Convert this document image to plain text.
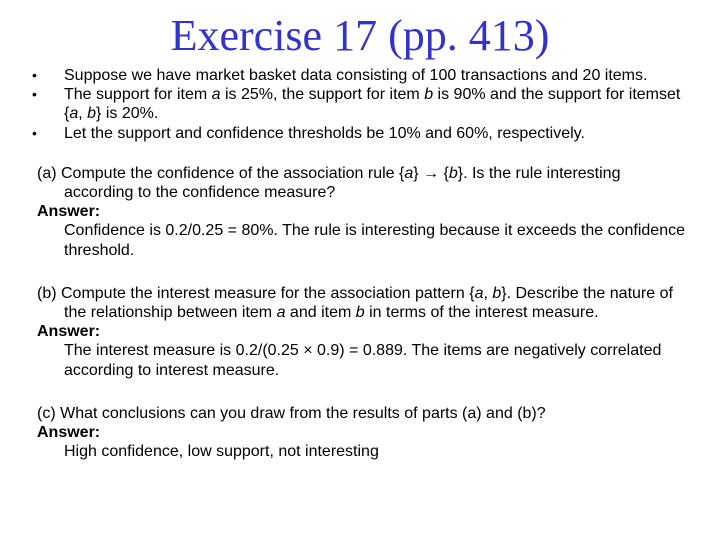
Exercise 17 (pp. 413)
• Suppose we have market basket data consisting of 100 transactions and 20 items.
• The support for item a is 25%, the support for item b is 90% and the support for itemset {a, b} is 20%.
• Let the support and confidence thresholds be 10% and 60%, respectively.
(a) Compute the confidence of the association rule {a} → {b}. Is the rule interesting according to the confidence measure?
Answer:
Confidence is 0.2/0.25 = 80%. The rule is interesting because it exceeds the confidence threshold.
(b) Compute the interest measure for the association pattern {a, b}. Describe the nature of the relationship between item a and item b in terms of the interest measure.
Answer:
The interest measure is 0.2/(0.25 × 0.9) = 0.889. The items are negatively correlated according to interest measure.
(c) What conclusions can you draw from the results of parts (a) and (b)?
Answer:
High confidence, low support, not interesting
